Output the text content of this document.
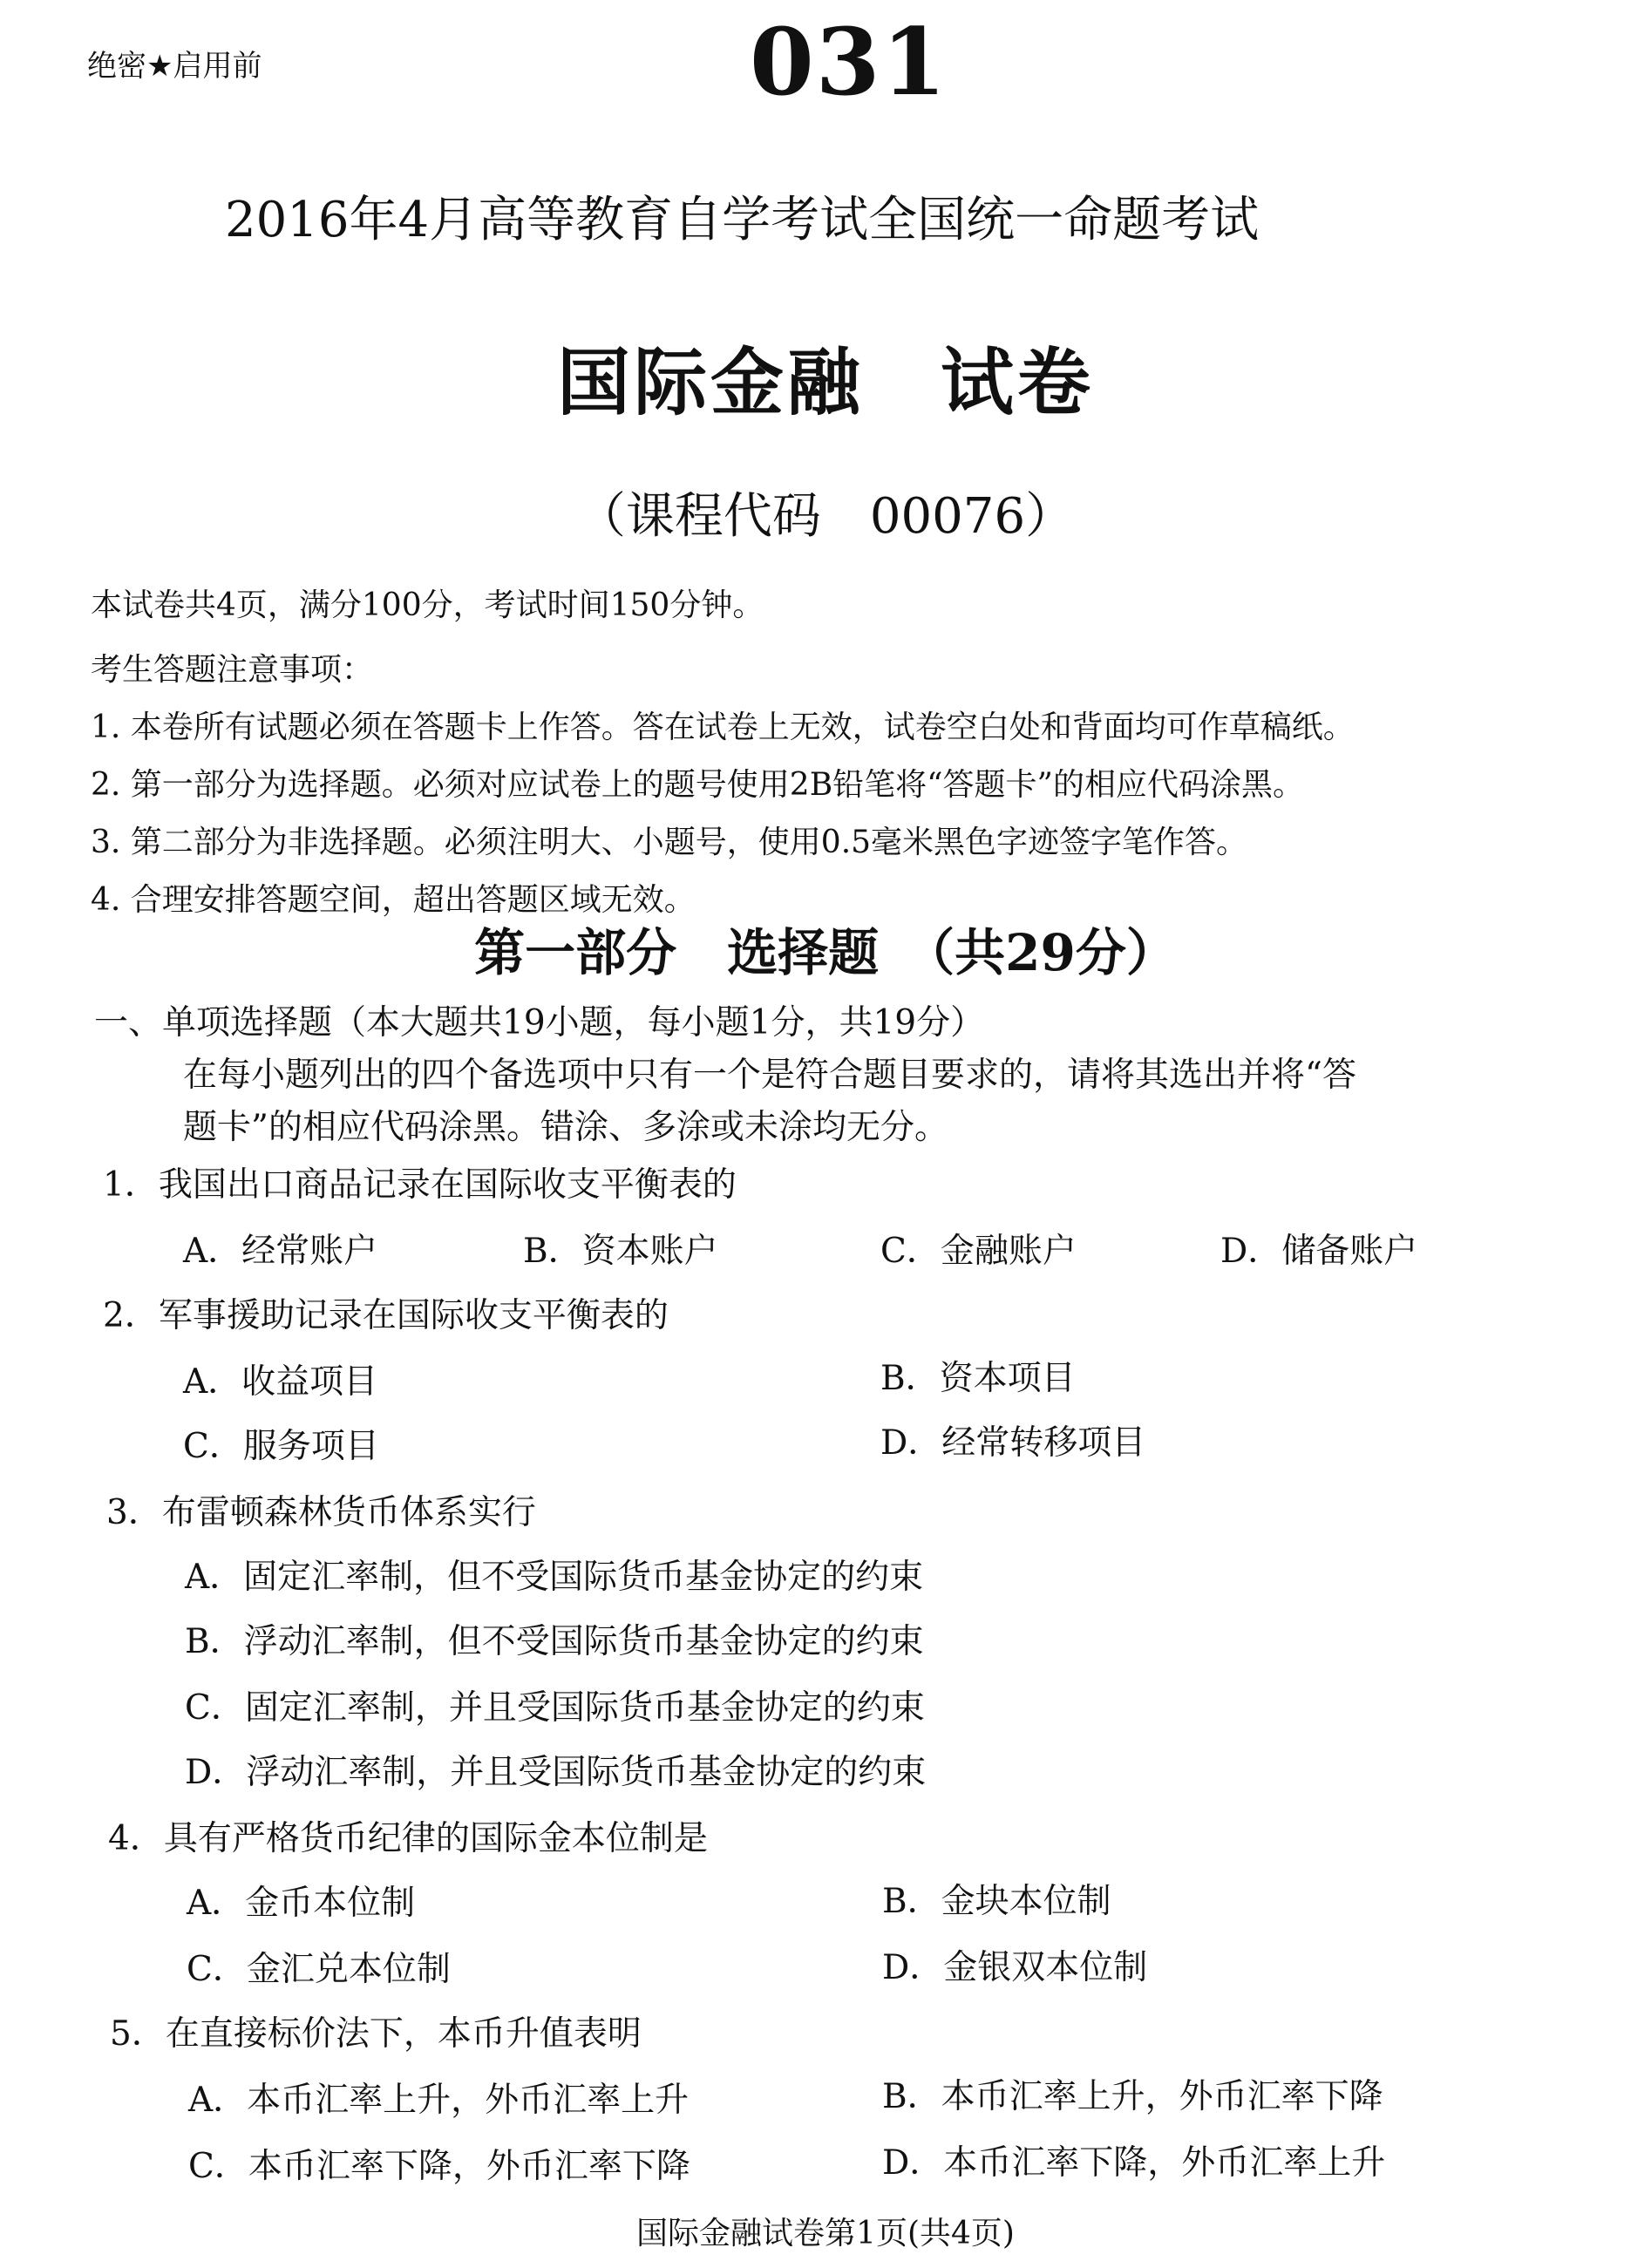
绝密★启用前	031
2016年4月高等教育自学考试全国统一命题考试
国际金融　试卷
（课程代码　00076）
本试卷共4页，满分100分，考试时间150分钟。
考生答题注意事项：
1. 本卷所有试题必须在答题卡上作答。答在试卷上无效，试卷空白处和背面均可作草稿纸。
2. 第一部分为选择题。必须对应试卷上的题号使用2B铅笔将“答题卡”的相应代码涂黑。
3. 第二部分为非选择题。必须注明大、小题号，使用0.5毫米黑色字迹签字笔作答。
4. 合理安排答题空间，超出答题区域无效。
第一部分　选择题　（共29分）
一、单项选择题（本大题共19小题，每小题1分，共19分）
在每小题列出的四个备选项中只有一个是符合题目要求的，请将其选出并将“答
题卡”的相应代码涂黑。错涂、多涂或未涂均无分。
1．我国出口商品记录在国际收支平衡表的
A．经常账户	B．资本账户	C．金融账户	D．储备账户
2．军事援助记录在国际收支平衡表的
A．收益项目	B．资本项目
C．服务项目	D．经常转移项目
3．布雷顿森林货币体系实行
A．固定汇率制，但不受国际货币基金协定的约束
B．浮动汇率制，但不受国际货币基金协定的约束
C．固定汇率制，并且受国际货币基金协定的约束
D．浮动汇率制，并且受国际货币基金协定的约束
4．具有严格货币纪律的国际金本位制是
A．金币本位制	B．金块本位制
C．金汇兑本位制	D．金银双本位制
5．在直接标价法下，本币升值表明
A．本币汇率上升，外币汇率上升	B．本币汇率上升，外币汇率下降
C．本币汇率下降，外币汇率下降	D．本币汇率下降，外币汇率上升
国际金融试卷第1页(共4页)
